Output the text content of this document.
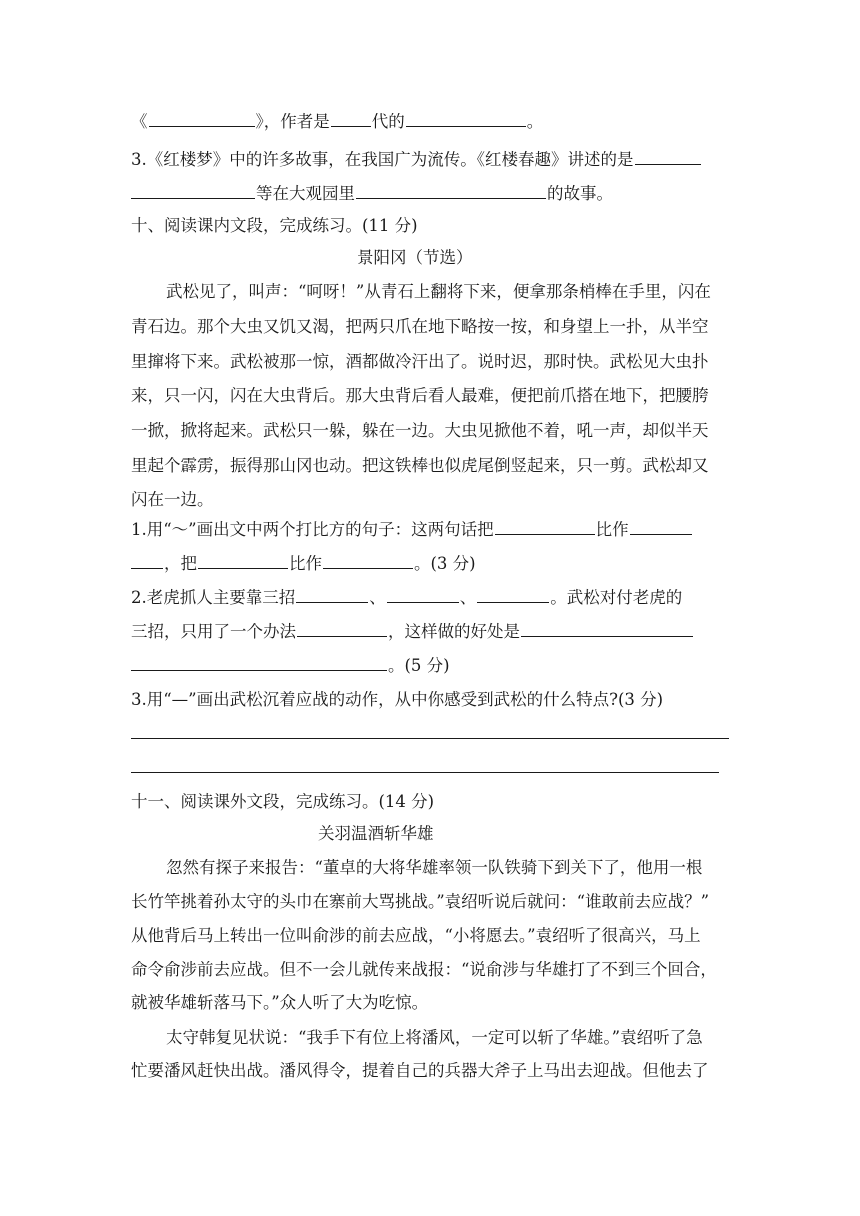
《	》，作者是	代的	。
3.《红楼梦》中的许多故事，在我国广为流传。《红楼春趣》讲述的是
等在大观园里	的故事。
十、阅读课内文段，完成练习。(11 分)
景阳冈（节选）
武松见了，叫声：“呵呀！”从青石上翻将下来，便拿那条梢棒在手里，闪在
青石边。那个大虫又饥又渴，把两只爪在地下略按一按，和身望上一扑，从半空
里撺将下来。武松被那一惊，酒都做冷汗出了。说时迟，那时快。武松见大虫扑
来，只一闪，闪在大虫背后。那大虫背后看人最难，便把前爪搭在地下，把腰胯
一掀，掀将起来。武松只一躲，躲在一边。大虫见掀他不着，吼一声，却似半天
里起个霹雳，振得那山冈也动。把这铁棒也似虎尾倒竖起来，只一剪。武松却又
闪在一边。
1.用“～”画出文中两个打比方的句子：这两句话把	比作
，把	比作	。(3 分)
2.老虎抓人主要靠三招	、	、	。武松对付老虎的
三招，只用了一个办法	，这样做的好处是
。(5 分)
3.用“—”画出武松沉着应战的动作，从中你感受到武松的什么特点?(3 分)
十一、阅读课外文段，完成练习。(14 分)
关羽温酒斩华雄
忽然有探子来报告：“董卓的大将华雄率领一队铁骑下到关下了，他用一根
长竹竿挑着孙太守的头巾在寨前大骂挑战。”袁绍听说后就问：“谁敢前去应战？”
从他背后马上转出一位叫俞涉的前去应战，“小将愿去。”袁绍听了很高兴，马上
命令俞涉前去应战。但不一会儿就传来战报：“说俞涉与华雄打了不到三个回合，
就被华雄斩落马下。”众人听了大为吃惊。
太守韩复见状说：“我手下有位上将潘风，一定可以斩了华雄。”袁绍听了急
忙要潘风赶快出战。潘风得令，提着自己的兵器大斧子上马出去迎战。但他去了
